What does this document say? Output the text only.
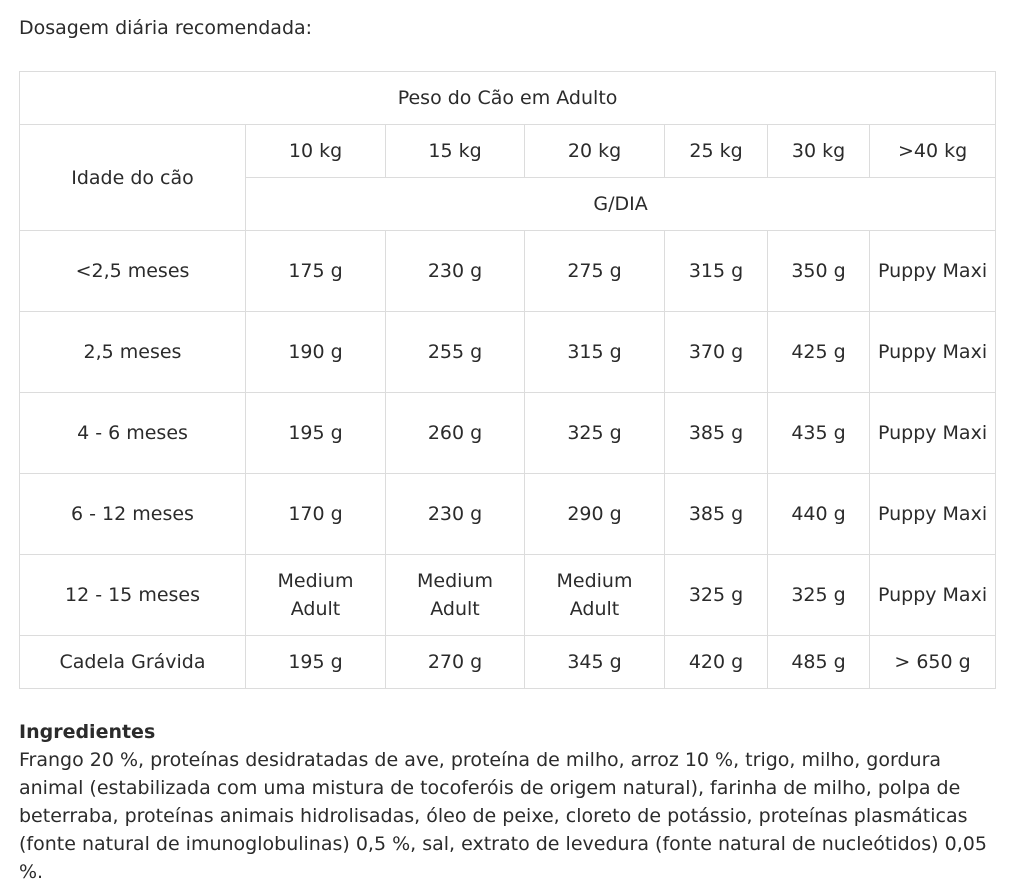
Dosagem diária recomendada:

Peso do Cão em Adulto						
Idade do cão	10 kg	15 kg	20 kg	25 kg	30 kg	>40 kg
	G/DIA					
<2,5 meses	175 g	230 g	275 g	315 g	350 g	Puppy Maxi
2,5 meses	190 g	255 g	315 g	370 g	425 g	Puppy Maxi
4 - 6 meses	195 g	260 g	325 g	385 g	435 g	Puppy Maxi
6 - 12 meses	170 g	230 g	290 g	385 g	440 g	Puppy Maxi
12 - 15 meses	Medium Adult	Medium Adult	Medium Adult	325 g	325 g	Puppy Maxi
Cadela Grávida	195 g	270 g	345 g	420 g	485 g	> 650 g
Ingredientes

Frango 20 %, proteínas desidratadas de ave, proteína de milho, arroz 10 %, trigo, milho, gordura animal (estabilizada com uma mistura de tocoferóis de origem natural), farinha de milho, polpa de beterraba, proteínas animais hidrolisadas, óleo de peixe, cloreto de potássio, proteínas plasmáticas (fonte natural de imunoglobulinas) 0,5 %, sal, extrato de levedura (fonte natural de nucleótidos) 0,05 %.
